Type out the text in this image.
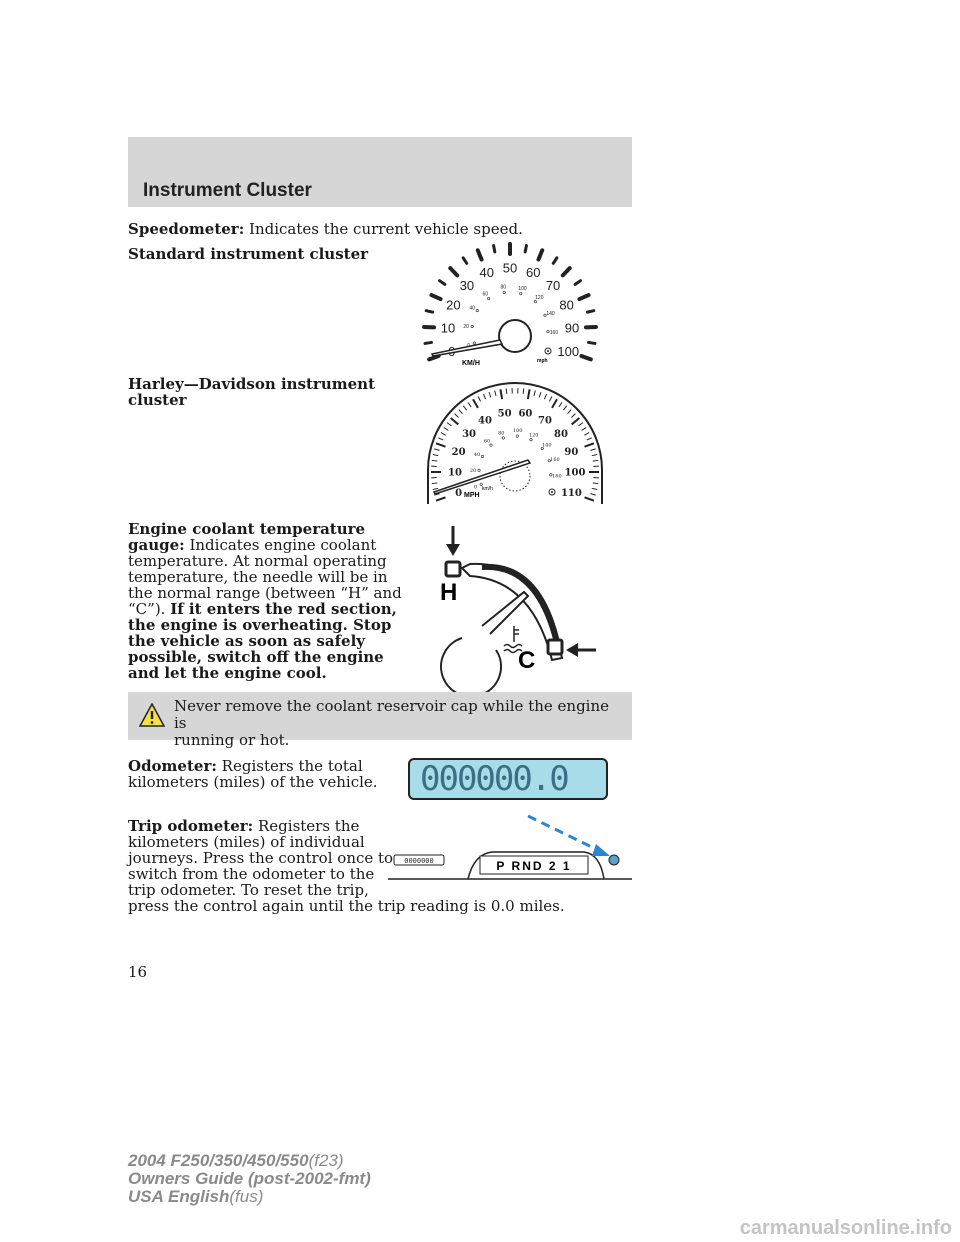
Instrument Cluster
Speedometer: Indicates the current vehicle speed.
Standard instrument cluster
10
20
30
40 50 60
70
80
90
100
20
40
60
80 100
120
140
160
KM/H	mph
Harley—Davidson instrument
cluster
0
10
20
30
40
50 60
70
80
90
100
110
0
20
40
60
80 100
120
140
160
180
MPH
km/h
Engine coolant temperature
gauge: Indicates engine coolant
temperature. At normal operating
temperature, the needle will be in
the normal range (between “H” and
“C”). If it enters the red section,
the engine is overheating. Stop
the vehicle as soon as safely
possible, switch off the engine
and let the engine cool.
H
C
Never remove the coolant reservoir cap while the engine is
running or hot.
Odometer: Registers the total
kilometers (miles) of the vehicle. 000000.0
Trip odometer: Registers the
kilometers (miles) of individual
journeys. Press the control once to
switch from the odometer to the
trip odometer. To reset the trip,
press the control again until the trip reading is 0.0 miles.
P RND 2 1
0000000
16
2004 F250/350/450/550(f23)
Owners Guide (post-2002-fmt)
USA English(fus)
carmanualsonline.info
